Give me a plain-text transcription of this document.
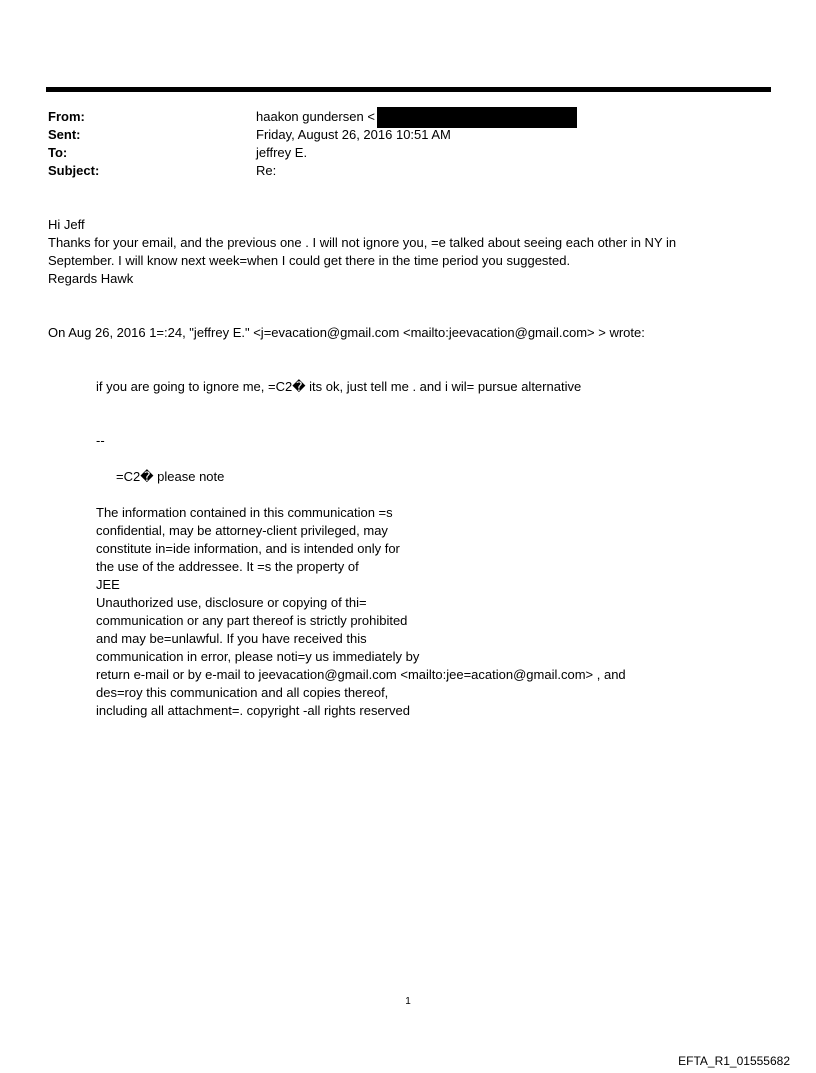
From:	haakon gundersen <
Sent:	Friday, August 26, 2016 10:51 AM
To:	jeffrey E.
Subject:	Re:
Hi Jeff
Thanks for your email, and the previous one . I will not ignore you, =e talked about seeing each other in NY in
September. I will know next week=when I could get there in the time period you suggested.
Regards Hawk
On Aug 26, 2016 1=:24, "jeffrey E." <j=evacation@gmail.com <mailto:jeevacation@gmail.com> > wrote:
if you are going to ignore me, =C2� its ok, just tell me . and i wil= pursue alternative
--
=C2� please note
The information contained in this communication =s
confidential, may be attorney-client privileged, may
constitute in=ide information, and is intended only for
the use of the addressee. It =s the property of
JEE
Unauthorized use, disclosure or copying of thi=
communication or any part thereof is strictly prohibited
and may be=unlawful. If you have received this
communication in error, please noti=y us immediately by
return e-mail or by e-mail to jeevacation@gmail.com <mailto:jee=acation@gmail.com> , and
des=roy this communication and all copies thereof,
including all attachment=. copyright -all rights reserved
1
EFTA_R1_01555682
